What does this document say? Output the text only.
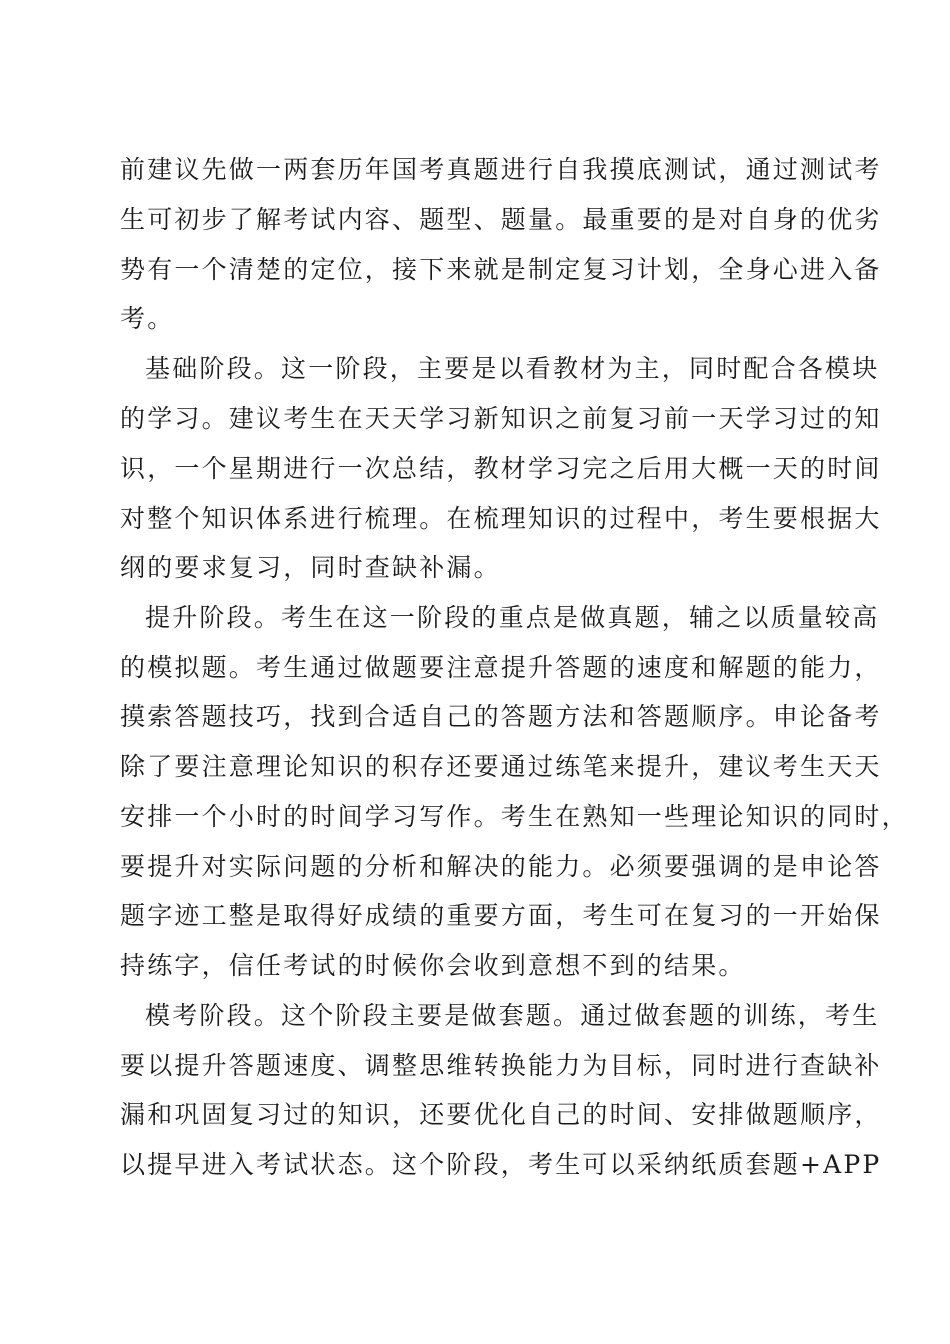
前建议先做一两套历年国考真题进行自我摸底测试，通过测试考

生可初步了解考试内容、题型、题量。最重要的是对自身的优劣

势有一个清楚的定位，接下来就是制定复习计划，全身心进入备

考。

基础阶段。这一阶段，主要是以看教材为主，同时配合各模块

的学习。建议考生在天天学习新知识之前复习前一天学习过的知

识，一个星期进行一次总结，教材学习完之后用大概一天的时间

对整个知识体系进行梳理。在梳理知识的过程中，考生要根据大

纲的要求复习，同时查缺补漏。

提升阶段。考生在这一阶段的重点是做真题，辅之以质量较高

的模拟题。考生通过做题要注意提升答题的速度和解题的能力，

摸索答题技巧，找到合适自己的答题方法和答题顺序。申论备考

除了要注意理论知识的积存还要通过练笔来提升，建议考生天天

安排一个小时的时间学习写作。考生在熟知一些理论知识的同时，

要提升对实际问题的分析和解决的能力。必须要强调的是申论答

题字迹工整是取得好成绩的重要方面，考生可在复习的一开始保

持练字，信任考试的时候你会收到意想不到的结果。

模考阶段。这个阶段主要是做套题。通过做套题的训练，考生

要以提升答题速度、调整思维转换能力为目标，同时进行查缺补

漏和巩固复习过的知识，还要优化自己的时间、安排做题顺序，

以提早进入考试状态。这个阶段，考生可以采纳纸质套题+APP
